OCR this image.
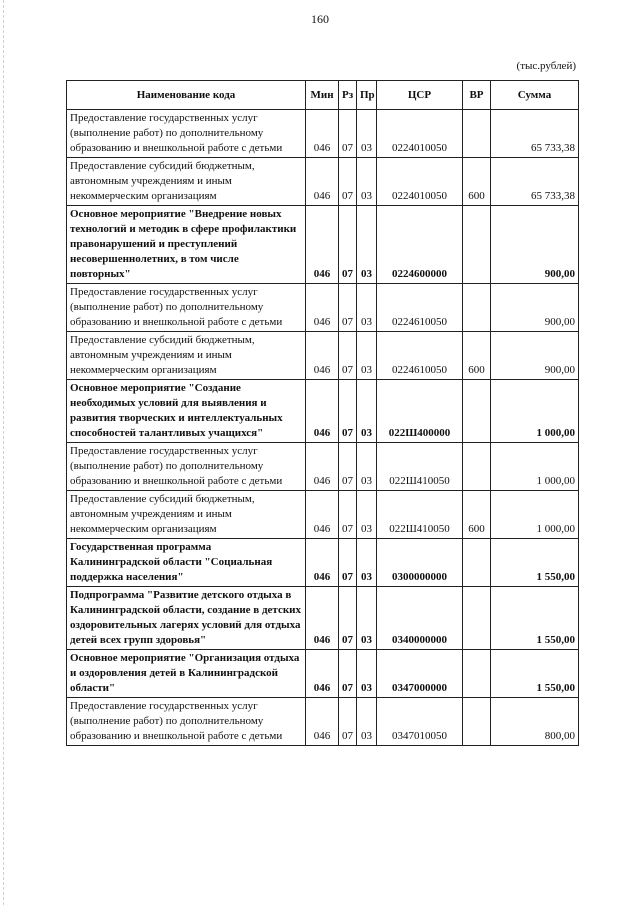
160
(тыс.рублей)
Наименование кода	Мин	Рз	Пр	ЦСР	ВР	Сумма
Предоставление государственных услуг (выполнение работ) по дополнительному образованию и внешкольной работе с детьми	046	07	03	0224010050		65 733,38
Предоставление субсидий бюджетным, автономным учреждениям и иным некоммерческим организациям	046	07	03	0224010050	600	65 733,38
Основное мероприятие "Внедрение новых технологий и методик в сфере профилактики правонарушений и преступлений несовершеннолетних, в том числе повторных"	046	07	03	0224600000		900,00
Предоставление государственных услуг (выполнение работ) по дополнительному образованию и внешкольной работе с детьми	046	07	03	0224610050		900,00
Предоставление субсидий бюджетным, автономным учреждениям и иным некоммерческим организациям	046	07	03	0224610050	600	900,00
Основное мероприятие "Создание необходимых условий для выявления и развития творческих и интеллектуальных способностей талантливых учащихся"	046	07	03	022Ш400000		1 000,00
Предоставление государственных услуг (выполнение работ) по дополнительному образованию и внешкольной работе с детьми	046	07	03	022Ш410050		1 000,00
Предоставление субсидий бюджетным, автономным учреждениям и иным некоммерческим организациям	046	07	03	022Ш410050	600	1 000,00
Государственная программа Калининградской области "Социальная поддержка населения"	046	07	03	0300000000		1 550,00
Подпрограмма "Развитие детского отдыха в Калининградской области, создание в детских оздоровительных лагерях условий для отдыха детей всех групп здоровья"	046	07	03	0340000000		1 550,00
Основное мероприятие "Организация отдыха и оздоровления детей в Калининградской области"	046	07	03	0347000000		1 550,00
Предоставление государственных услуг (выполнение работ) по дополнительному образованию и внешкольной работе с детьми	046	07	03	0347010050		800,00
